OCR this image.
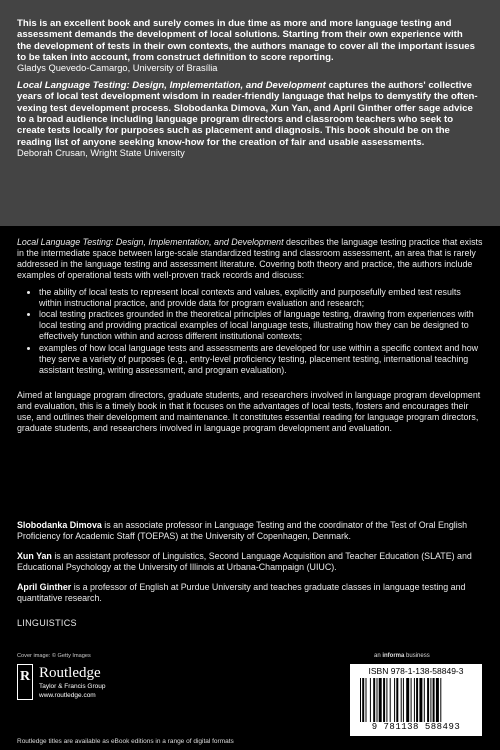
This is an excellent book and surely comes in due time as more and more language testing and assessment demands the development of local solutions. Starting from their own experience with the development of tests in their own contexts, the authors manage to cover all the important issues to be taken into account, from construct definition to score reporting.

Gladys Quevedo-Camargo, University of Brasília

Local Language Testing: Design, Implementation, and Development captures the authors' collective years of local test development wisdom in reader-friendly language that helps to demystify the often-vexing test development process. Slobodanka Dimova, Xun Yan, and April Ginther offer sage advice to a broad audience including language program directors and classroom teachers who seek to create tests locally for purposes such as placement and diagnosis. This book should be on the reading list of anyone seeking know-how for the creation of fair and usable assessments.

Deborah Crusan, Wright State University

Local Language Testing: Design, Implementation, and Development describes the language testing practice that exists in the intermediate space between large-scale standardized testing and classroom assessment, an area that is rarely addressed in the language testing and assessment literature. Covering both theory and practice, the authors include examples of operational tests with well-proven track records and discuss:

• the ability of local tests to represent local contexts and values, explicitly and purposefully embed test results within instructional practice, and provide data for program evaluation and research;
• local testing practices grounded in the theoretical principles of language testing, drawing from experiences with local testing and providing practical examples of local language tests, illustrating how they can be designed to effectively function within and across different institutional contexts;
• examples of how local language tests and assessments are developed for use within a specific context and how they serve a variety of purposes (e.g., entry-level proficiency testing, placement testing, international teaching assistant testing, writing assessment, and program evaluation).

Aimed at language program directors, graduate students, and researchers involved in language program development and evaluation, this is a timely book in that it focuses on the advantages of local tests, fosters and encourages their use, and outlines their development and maintenance. It constitutes essential reading for language program directors, graduate students, and researchers involved in language program development and evaluation.

Slobodanka Dimova is an associate professor in Language Testing and the coordinator of the Test of Oral English Proficiency for Academic Staff (TOEPAS) at the University of Copenhagen, Denmark.

Xun Yan is an assistant professor of Linguistics, Second Language Acquisition and Teacher Education (SLATE) and Educational Psychology at the University of Illinois at Urbana-Champaign (UIUC).

April Ginther is a professor of English at Purdue University and teaches graduate classes in language testing and quantitative research.

LINGUISTICS
Cover image: © Getty Images
R Routledge
Taylor & Francis Group
www.routledge.com
an informa business
ISBN 978-1-138-58849-3
9 781138 588493
Routledge titles are available as eBook editions in a range of digital formats
